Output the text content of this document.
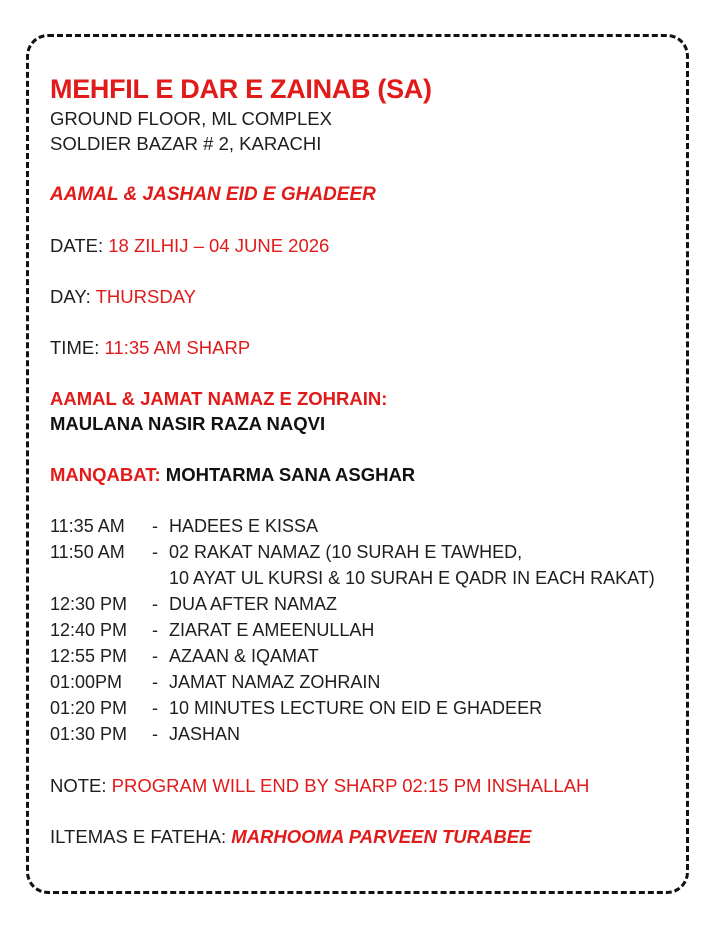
MEHFIL E DAR E ZAINAB (SA)
GROUND FLOOR, ML COMPLEX
SOLDIER BAZAR # 2, KARACHI
AAMAL & JASHAN EID E GHADEER
DATE: 18 ZILHIJ – 04 JUNE 2026
DAY: THURSDAY
TIME: 11:35 AM SHARP
AAMAL & JAMAT NAMAZ E ZOHRAIN:
MAULANA NASIR RAZA NAQVI
MANQABAT: MOHTARMA SANA ASGHAR
11:35 AM	- HADEES E KISSA
11:50 AM	- 02 RAKAT NAMAZ (10 SURAH E TAWHED,
10 AYAT UL KURSI & 10 SURAH E QADR IN EACH RAKAT)
12:30 PM	- DUA AFTER NAMAZ
12:40 PM	- ZIARAT E AMEENULLAH
12:55 PM	- AZAAN & IQAMAT
01:00PM	- JAMAT NAMAZ ZOHRAIN
01:20 PM	- 10 MINUTES LECTURE ON EID E GHADEER
01:30 PM	- JASHAN
NOTE: PROGRAM WILL END BY SHARP 02:15 PM INSHALLAH
ILTEMAS E FATEHA: MARHOOMA PARVEEN TURABEE
